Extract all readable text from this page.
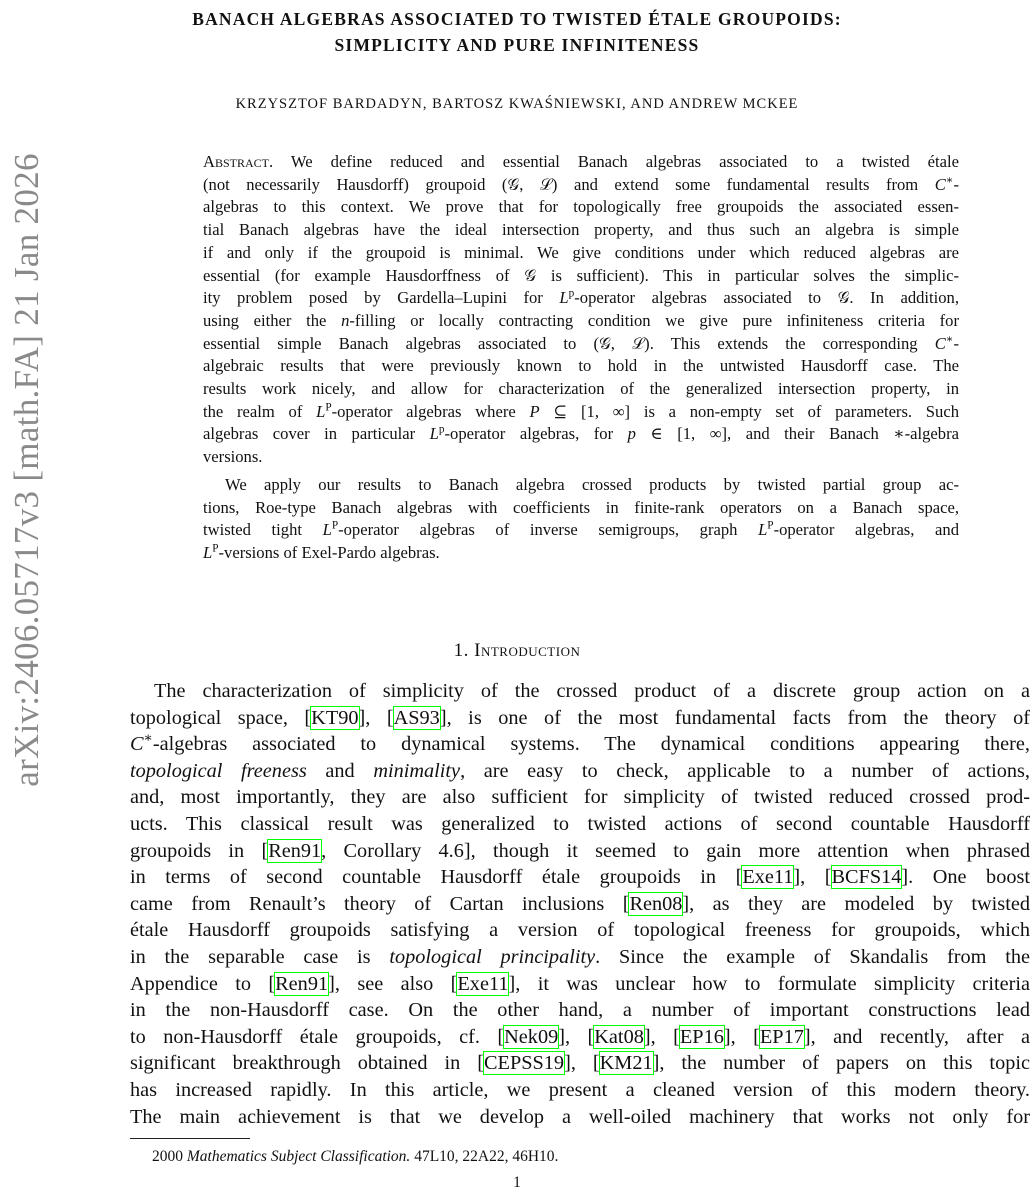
arXiv:2406.05717v3 [math.FA] 21 Jan 2026
BANACH ALGEBRAS ASSOCIATED TO TWISTED ÉTALE GROUPOIDS:
SIMPLICITY AND PURE INFINITENESS
KRZYSZTOF BARDADYN, BARTOSZ KWAŚNIEWSKI, AND ANDREW MCKEE
Abstract. We define reduced and essential Banach algebras associated to a twisted étale
(not necessarily Hausdorff) groupoid (𝒢, ℒ) and extend some fundamental results from C∗-
algebras to this context. We prove that for topologically free groupoids the associated essen-
tial Banach algebras have the ideal intersection property, and thus such an algebra is simple
if and only if the groupoid is minimal. We give conditions under which reduced algebras are
essential (for example Hausdorffness of 𝒢 is sufficient). This in particular solves the simplic-
ity problem posed by Gardella–Lupini for $L^p$-operator algebras associated to 𝒢. In addition,
using either the n-filling or locally contracting condition we give pure infiniteness criteria for
essential simple Banach algebras associated to (𝒢, ℒ). This extends the corresponding C∗-
algebraic results that were previously known to hold in the untwisted Hausdorff case. The
results work nicely, and allow for characterization of the generalized intersection property, in
the realm of $L^P$-operator algebras where P ⊆ [1, ∞] is a non-empty set of parameters. Such
algebras cover in particular $L^p$-operator algebras, for p ∈ [1, ∞], and their Banach ∗-algebra
versions.
We apply our results to Banach algebra crossed products by twisted partial group ac-
tions, Roe-type Banach algebras with coefficients in finite-rank operators on a Banach space,
twisted tight $L^P$-operator algebras of inverse semigroups, graph $L^P$-operator algebras, and
$L^P$-versions of Exel-Pardo algebras.
1. Introduction
The characterization of simplicity of the crossed product of a discrete group action on a
topological space, [KT90], [AS93], is one of the most fundamental facts from the theory of
C∗-algebras associated to dynamical systems. The dynamical conditions appearing there,
topological freeness and minimality, are easy to check, applicable to a number of actions,
and, most importantly, they are also sufficient for simplicity of twisted reduced crossed prod-
ucts. This classical result was generalized to twisted actions of second countable Hausdorff
groupoids in [Ren91, Corollary 4.6], though it seemed to gain more attention when phrased
in terms of second countable Hausdorff étale groupoids in [Exe11], [BCFS14]. One boost
came from Renault’s theory of Cartan inclusions [Ren08], as they are modeled by twisted
étale Hausdorff groupoids satisfying a version of topological freeness for groupoids, which
in the separable case is topological principality. Since the example of Skandalis from the
Appendice to [Ren91], see also [Exe11], it was unclear how to formulate simplicity criteria
in the non-Hausdorff case. On the other hand, a number of important constructions lead
to non-Hausdorff étale groupoids, cf. [Nek09], [Kat08], [EP16], [EP17], and recently, after a
significant breakthrough obtained in [CEPSS19], [KM21], the number of papers on this topic
has increased rapidly. In this article, we present a cleaned version of this modern theory.
The main achievement is that we develop a well-oiled machinery that works not only for
2000 Mathematics Subject Classification. 47L10, 22A22, 46H10.
1
